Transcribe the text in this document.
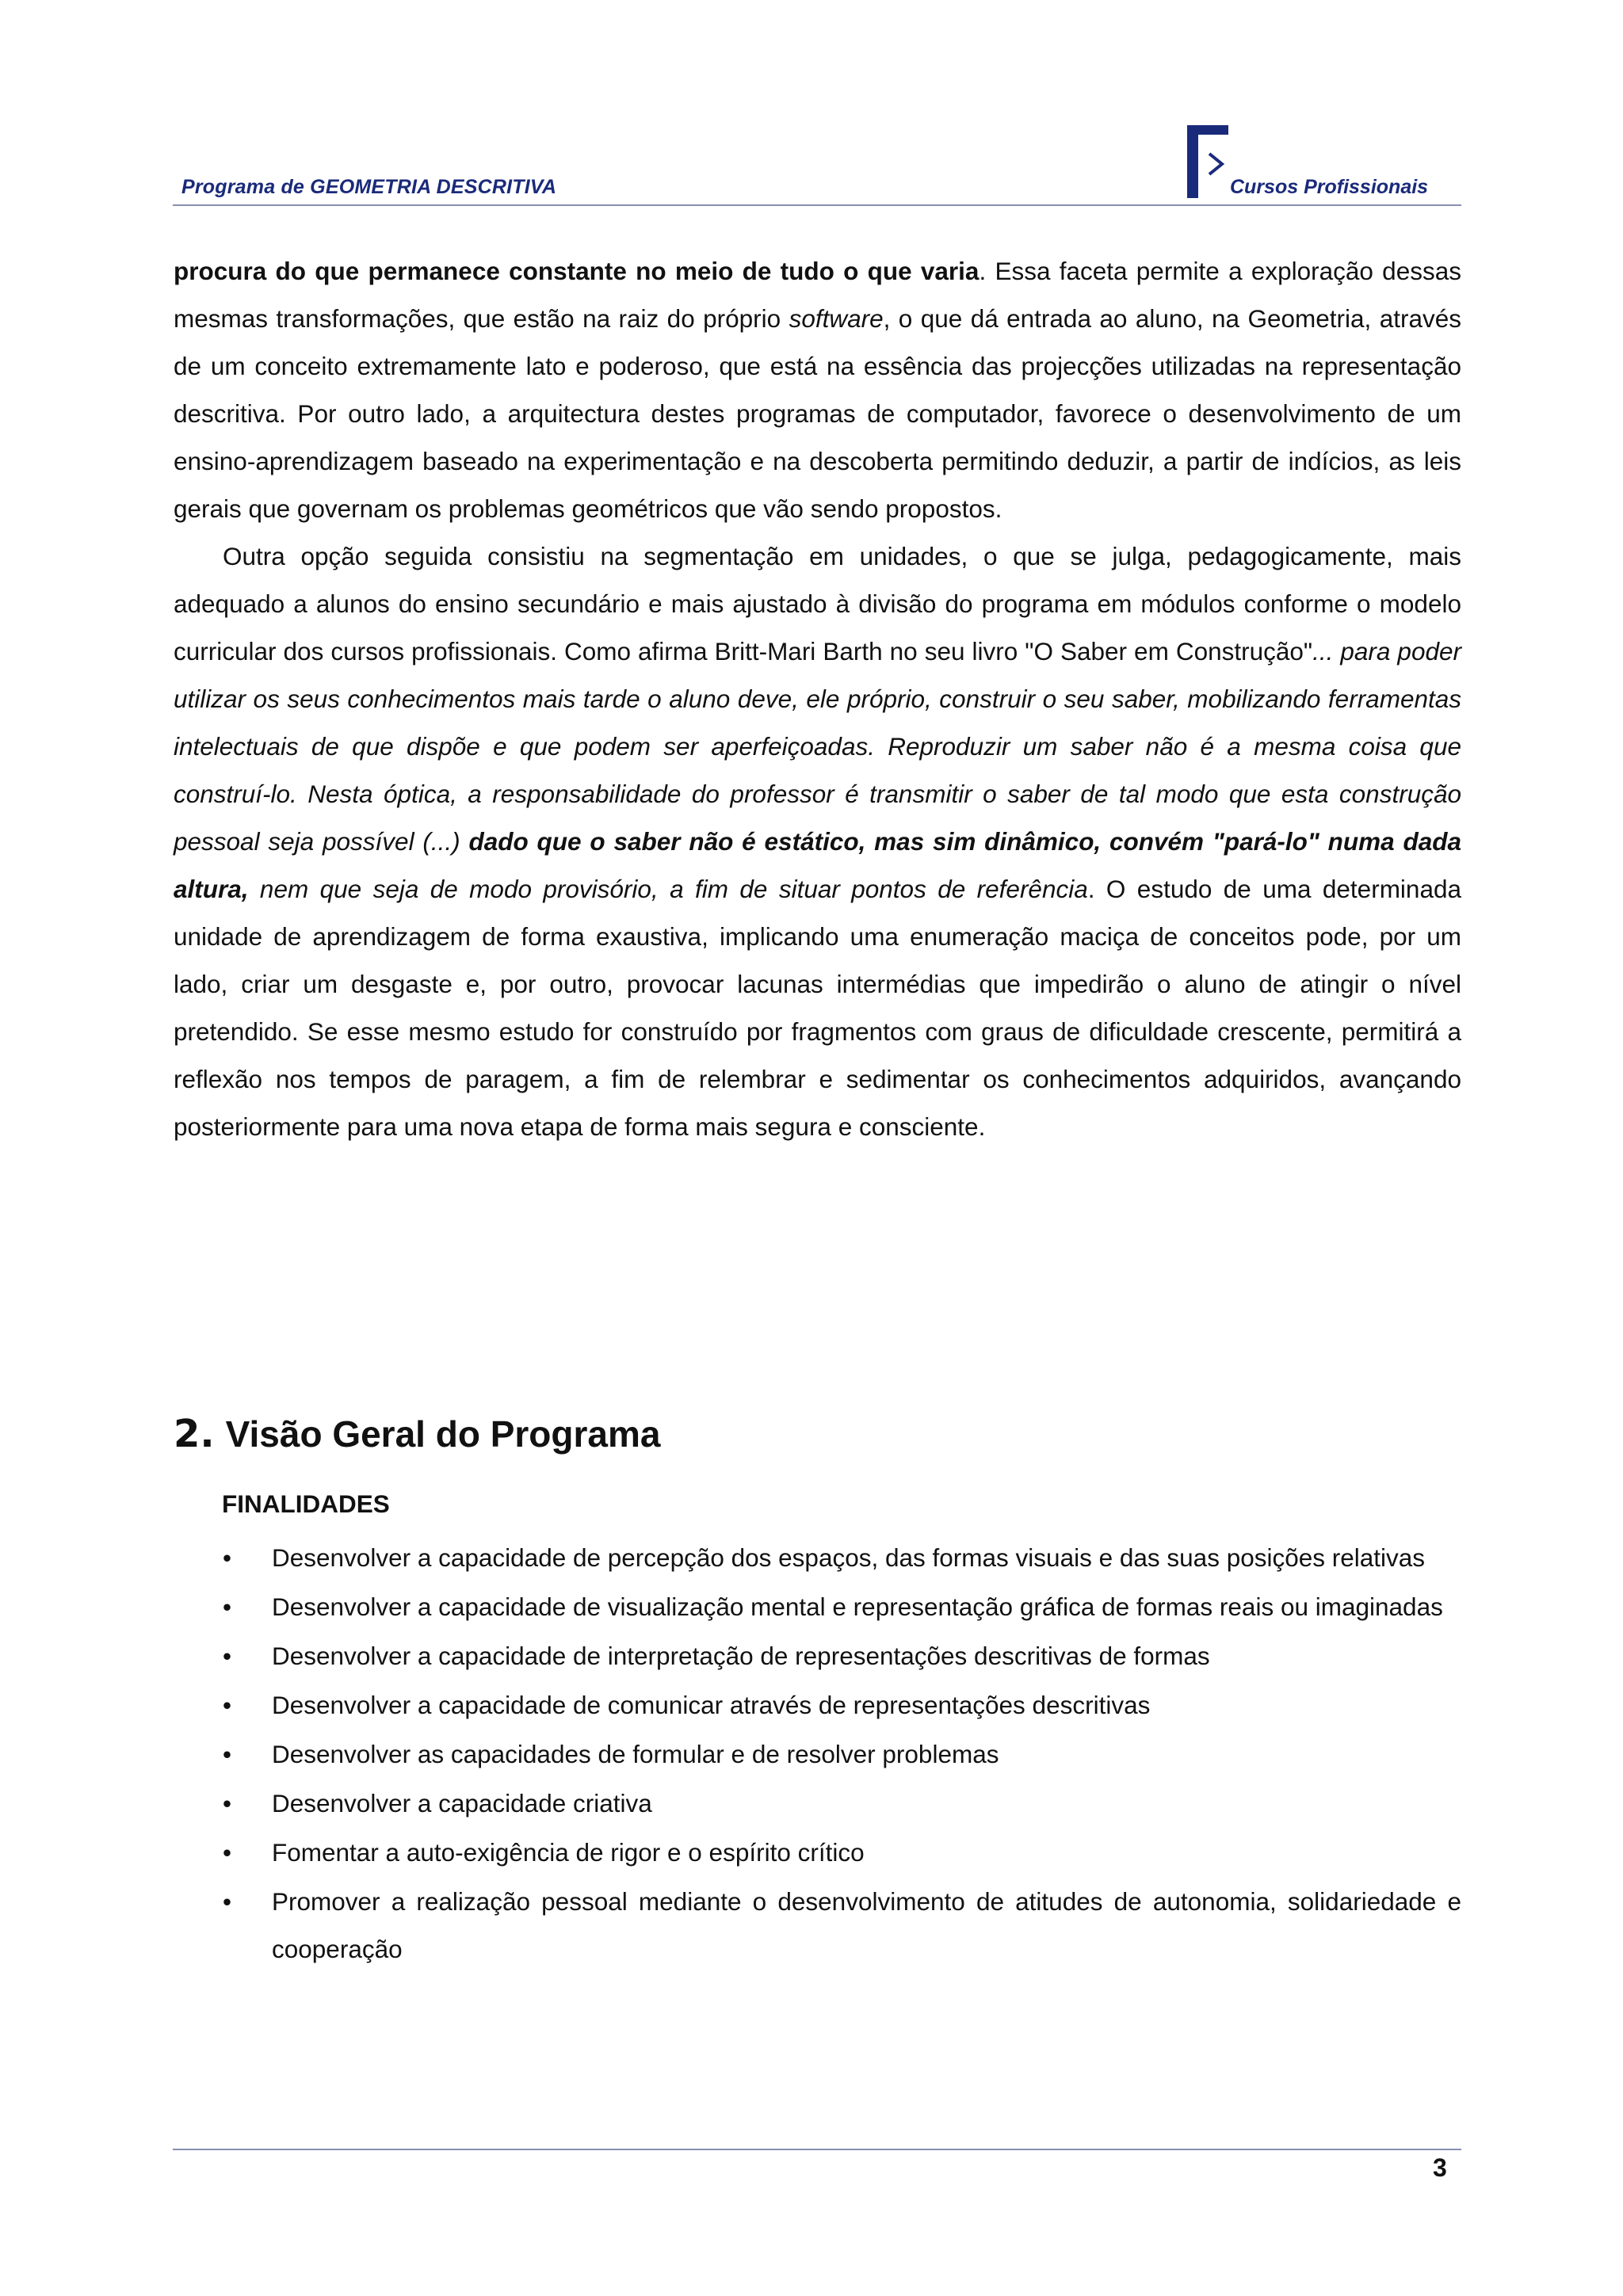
Programa de GEOMETRIA DESCRITIVA	Cursos Profissionais

procura do que permanece constante no meio de tudo o que varia. Essa faceta permite a exploração dessas mesmas transformações, que estão na raiz do próprio software, o que dá entrada ao aluno, na Geometria, através de um conceito extremamente lato e poderoso, que está na essência das projecções utilizadas na representação descritiva. Por outro lado, a arquitectura destes programas de computador, favorece o desenvolvimento de um ensino-aprendizagem baseado na experimentação e na descoberta permitindo deduzir, a partir de indícios, as leis gerais que governam os problemas geométricos que vão sendo propostos.

Outra opção seguida consistiu na segmentação em unidades, o que se julga, pedagogicamente, mais adequado a alunos do ensino secundário e mais ajustado à divisão do programa em módulos conforme o modelo curricular dos cursos profissionais. Como afirma Britt-Mari Barth no seu livro "O Saber em Construção"... para poder utilizar os seus conhecimentos mais tarde o aluno deve, ele próprio, construir o seu saber, mobilizando ferramentas intelectuais de que dispõe e que podem ser aperfeiçoadas. Reproduzir um saber não é a mesma coisa que construí-lo. Nesta óptica, a responsabilidade do professor é transmitir o saber de tal modo que esta construção pessoal seja possível (...) dado que o saber não é estático, mas sim dinâmico, convém "pará-lo" numa dada altura, nem que seja de modo provisório, a fim de situar pontos de referência. O estudo de uma determinada unidade de aprendizagem de forma exaustiva, implicando uma enumeração maciça de conceitos pode, por um lado, criar um desgaste e, por outro, provocar lacunas intermédias que impedirão o aluno de atingir o nível pretendido. Se esse mesmo estudo for construído por fragmentos com graus de dificuldade crescente, permitirá a reflexão nos tempos de paragem, a fim de relembrar e sedimentar os conhecimentos adquiridos, avançando posteriormente para uma nova etapa de forma mais segura e consciente.

2. Visão Geral do Programa
FINALIDADES
• Desenvolver a capacidade de percepção dos espaços, das formas visuais e das suas posições relativas
• Desenvolver a capacidade de visualização mental e representação gráfica de formas reais ou imaginadas
• Desenvolver a capacidade de interpretação de representações descritivas de formas
• Desenvolver a capacidade de comunicar através de representações descritivas
• Desenvolver as capacidades de formular e de resolver problemas
• Desenvolver a capacidade criativa
• Fomentar a auto-exigência de rigor e o espírito crítico
• Promover a realização pessoal mediante o desenvolvimento de atitudes de autonomia, solidariedade e cooperação
3
